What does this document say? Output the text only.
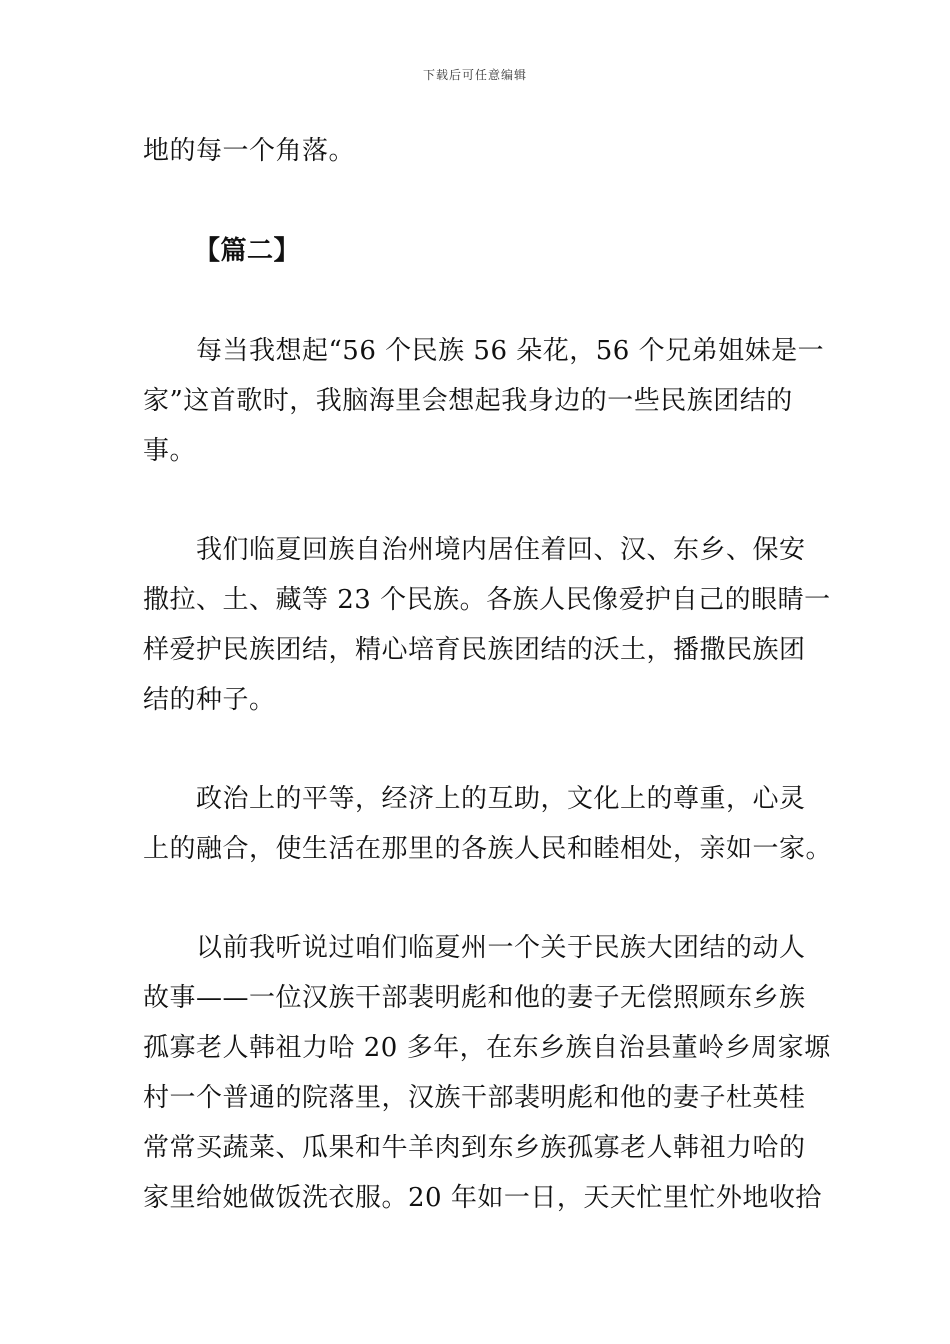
下载后可任意编辑
地的每一个角落。
【篇二】
每当我想起“56 个民族 56 朵花，56 个兄弟姐妹是一
家”这首歌时，我脑海里会想起我身边的一些民族团结的
事。
我们临夏回族自治州境内居住着回、汉、东乡、保安
撒拉、土、藏等 23 个民族。各族人民像爱护自己的眼睛一
样爱护民族团结，精心培育民族团结的沃土，播撒民族团
结的种子。
政治上的平等，经济上的互助，文化上的尊重，心灵
上的融合，使生活在那里的各族人民和睦相处，亲如一家。
以前我听说过咱们临夏州一个关于民族大团结的动人
故事——一位汉族干部裴明彪和他的妻子无偿照顾东乡族
孤寡老人韩祖力哈 20 多年，在东乡族自治县董岭乡周家塬
村一个普通的院落里，汉族干部裴明彪和他的妻子杜英桂
常常买蔬菜、瓜果和牛羊肉到东乡族孤寡老人韩祖力哈的
家里给她做饭洗衣服。20 年如一日，天天忙里忙外地收拾
